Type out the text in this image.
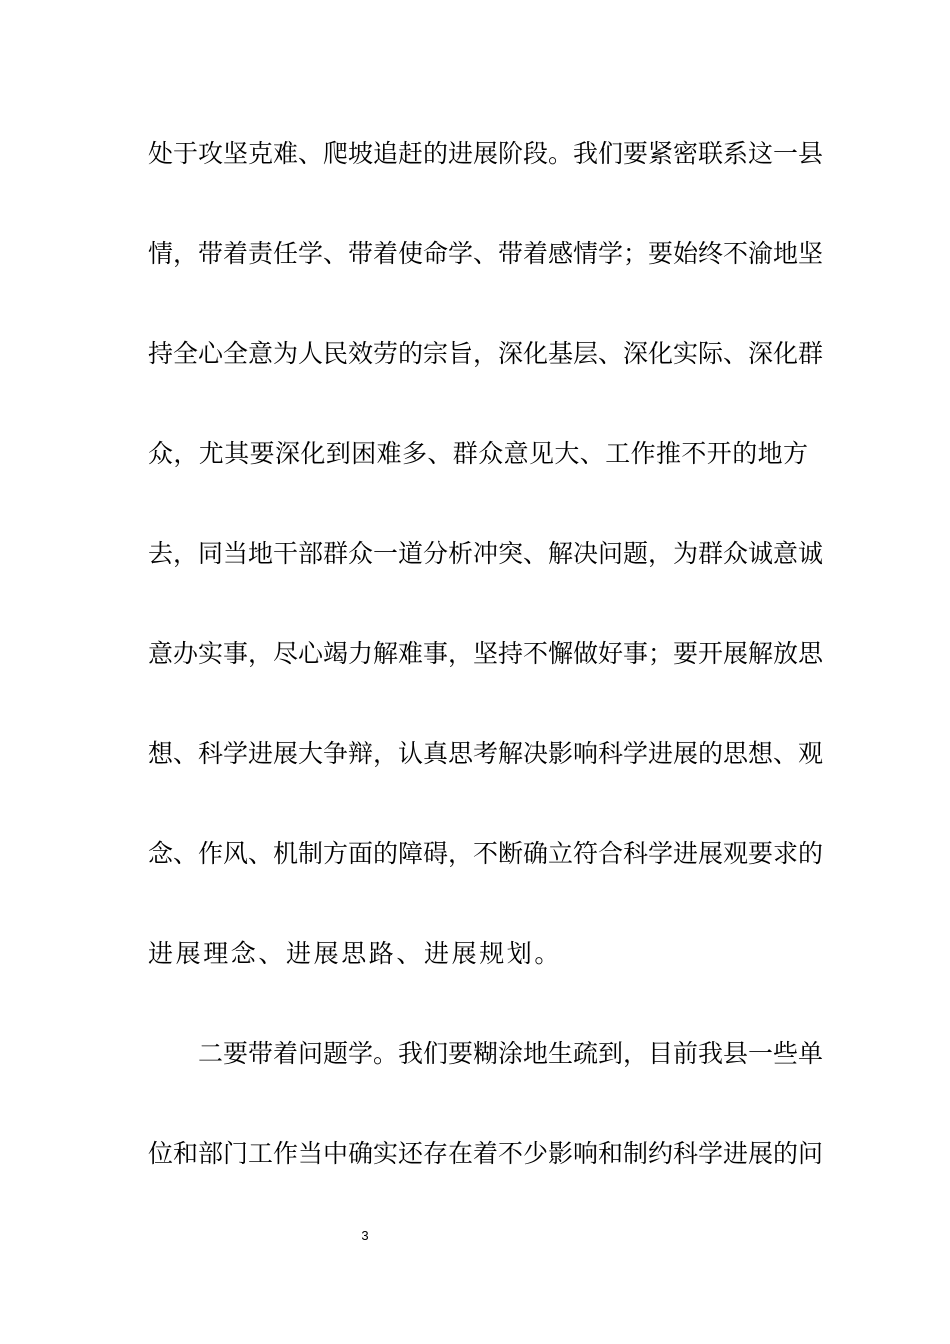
处于攻坚克难、爬坡追赶的进展阶段。我们要紧密联系这一县
情，带着责任学、带着使命学、带着感情学；要始终不渝地坚
持全心全意为人民效劳的宗旨，深化基层、深化实际、深化群
众，尤其要深化到困难多、群众意见大、工作推不开的地方
去，同当地干部群众一道分析冲突、解决问题，为群众诚意诚
意办实事，尽心竭力解难事，坚持不懈做好事；要开展解放思
想、科学进展大争辩，认真思考解决影响科学进展的思想、观
念、作风、机制方面的障碍，不断确立符合科学进展观要求的
进展理念、进展思路、进展规划。
二要带着问题学。我们要糊涂地生疏到，目前我县一些单
位和部门工作当中确实还存在着不少影响和制约科学进展的问
3
